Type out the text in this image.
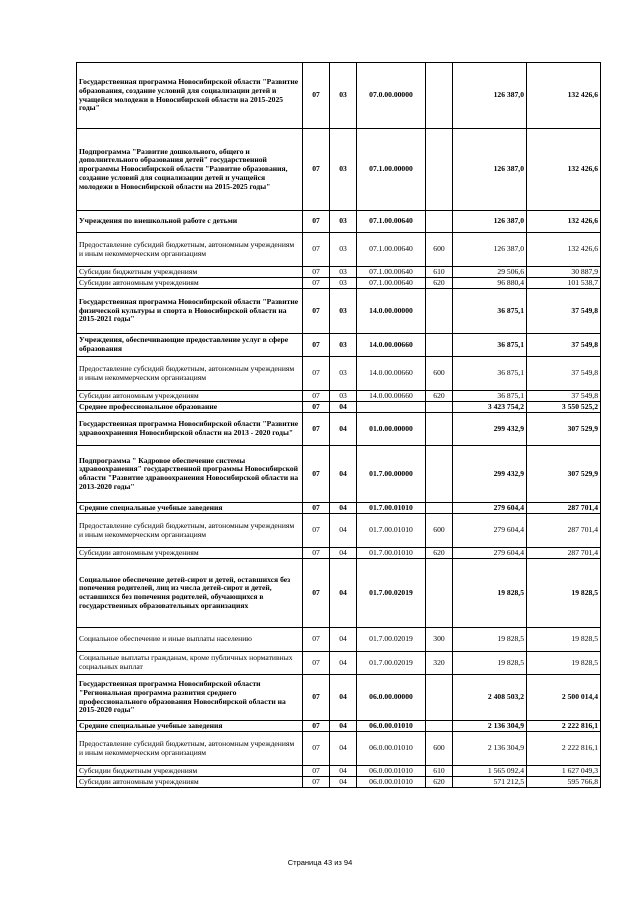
Государственная программа Новосибирской области "Развитие образования, создание условий для социализации детей и учащейся молодежи в Новосибирской области на 2015-2025 годы"	07	03	07.0.00.00000		126 387,0	132 426,6
Подпрограмма "Развитие дошкольного, общего и дополнительного образования детей" государственной программы Новосибирской области "Развитие образования, создание условий для социализации детей и учащейся молодежи в Новосибирской области на 2015-2025 годы"	07	03	07.1.00.00000		126 387,0	132 426,6
Учреждения по внешкольной работе с детьми	07	03	07.1.00.00640		126 387,0	132 426,6
Предоставление субсидий бюджетным, автономным учреждениям и иным некоммерческим организациям	07	03	07.1.00.00640	600	126 387,0	132 426,6
Субсидии бюджетным учреждениям	07	03	07.1.00.00640	610	29 506,6	30 887,9
Субсидии автономным учреждениям	07	03	07.1.00.00640	620	96 880,4	101 538,7
Государственная программа Новосибирской области "Развитие физической культуры и спорта в Новосибирской области на 2015-2021 годы"	07	03	14.0.00.00000		36 875,1	37 549,8
Учреждения, обеспечивающие предоставление услуг в сфере образования	07	03	14.0.00.00660		36 875,1	37 549,8
Предоставление субсидий бюджетным, автономным учреждениям и иным некоммерческим организациям	07	03	14.0.00.00660	600	36 875,1	37 549,8
Субсидии автономным учреждениям	07	03	14.0.00.00660	620	36 875,1	37 549,8
Среднее профессиональное образование	07	04			3 423 754,2	3 550 525,2
Государственная программа Новосибирской области "Развитие здравоохранения Новосибирской области на 2013 - 2020 годы"	07	04	01.0.00.00000		299 432,9	307 529,9
Подпрограмма " Кадровое обеспечение системы здравоохранения" государственной программы Новосибирской области "Развитие здравоохранения Новосибирской области на 2013-2020 годы"	07	04	01.7.00.00000		299 432,9	307 529,9
Средние специальные учебные заведения	07	04	01.7.00.01010		279 604,4	287 701,4
Предоставление субсидий бюджетным, автономным учреждениям и иным некоммерческим организациям	07	04	01.7.00.01010	600	279 604,4	287 701,4
Субсидии автономным учреждениям	07	04	01.7.00.01010	620	279 604,4	287 701,4
Социальное обеспечение детей-сирот и детей, оставшихся без попечения родителей, лиц из числа детей-сирот и детей, оставшихся без попечения родителей, обучающихся в государственных образовательных организациях	07	04	01.7.00.02019		19 828,5	19 828,5
Социальное обеспечение и иные выплаты населению	07	04	01.7.00.02019	300	19 828,5	19 828,5
Социальные выплаты гражданам, кроме публичных нормативных социальных выплат	07	04	01.7.00.02019	320	19 828,5	19 828,5
Государственная программа Новосибирской области "Региональная программа развития среднего профессионального образования Новосибирской области на 2015-2020 годы"	07	04	06.0.00.00000		2 408 503,2	2 500 014,4
Средние специальные учебные заведения	07	04	06.0.00.01010		2 136 304,9	2 222 816,1
Предоставление субсидий бюджетным, автономным учреждениям и иным некоммерческим организациям	07	04	06.0.00.01010	600	2 136 304,9	2 222 816,1
Субсидии бюджетным учреждениям	07	04	06.0.00.01010	610	1 565 092,4	1 627 049,3
Субсидии автономным учреждениям	07	04	06.0.00.01010	620	571 212,5	595 766,8
Страница 43 из 94
